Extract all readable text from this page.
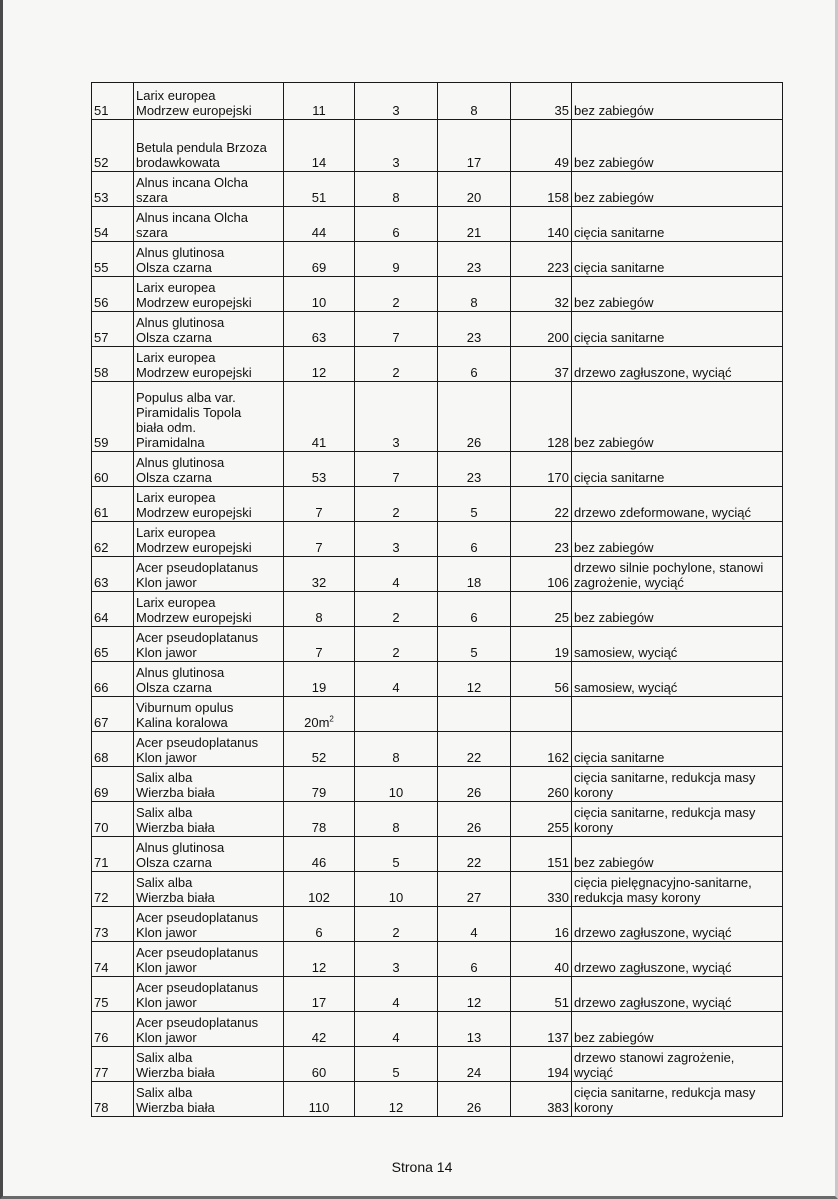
51	Larix europea
Modrzew europejski	11	3	8	35	bez zabiegów
52	Betula pendula Brzoza
brodawkowata	14	3	17	49	bez zabiegów
53	Alnus incana Olcha
szara	51	8	20	158	bez zabiegów
54	Alnus incana Olcha
szara	44	6	21	140	cięcia sanitarne
55	Alnus glutinosa
Olsza czarna	69	9	23	223	cięcia sanitarne
56	Larix europea
Modrzew europejski	10	2	8	32	bez zabiegów
57	Alnus glutinosa
Olsza czarna	63	7	23	200	cięcia sanitarne
58	Larix europea
Modrzew europejski	12	2	6	37	drzewo zagłuszone, wyciąć
59	Populus alba var.
Piramidalis Topola
biała odm.
Piramidalna	41	3	26	128	bez zabiegów
60	Alnus glutinosa
Olsza czarna	53	7	23	170	cięcia sanitarne
61	Larix europea
Modrzew europejski	7	2	5	22	drzewo zdeformowane, wyciąć
62	Larix europea
Modrzew europejski	7	3	6	23	bez zabiegów
63	Acer pseudoplatanus
Klon jawor	32	4	18	106	drzewo silnie pochylone, stanowi
zagrożenie, wyciąć
64	Larix europea
Modrzew europejski	8	2	6	25	bez zabiegów
65	Acer pseudoplatanus
Klon jawor	7	2	5	19	samosiew, wyciąć
66	Alnus glutinosa
Olsza czarna	19	4	12	56	samosiew, wyciąć
67	Viburnum opulus
Kalina koralowa	$20m^2$				
68	Acer pseudoplatanus
Klon jawor	52	8	22	162	cięcia sanitarne
69	Salix alba
Wierzba biała	79	10	26	260	cięcia sanitarne, redukcja masy
korony
70	Salix alba
Wierzba biała	78	8	26	255	cięcia sanitarne, redukcja masy
korony
71	Alnus glutinosa
Olsza czarna	46	5	22	151	bez zabiegów
72	Salix alba
Wierzba biała	102	10	27	330	cięcia pielęgnacyjno-sanitarne,
redukcja masy korony
73	Acer pseudoplatanus
Klon jawor	6	2	4	16	drzewo zagłuszone, wyciąć
74	Acer pseudoplatanus
Klon jawor	12	3	6	40	drzewo zagłuszone, wyciąć
75	Acer pseudoplatanus
Klon jawor	17	4	12	51	drzewo zagłuszone, wyciąć
76	Acer pseudoplatanus
Klon jawor	42	4	13	137	bez zabiegów
77	Salix alba
Wierzba biała	60	5	24	194	drzewo stanowi zagrożenie,
wyciąć
78	Salix alba
Wierzba biała	110	12	26	383	cięcia sanitarne, redukcja masy
korony
Strona 14
